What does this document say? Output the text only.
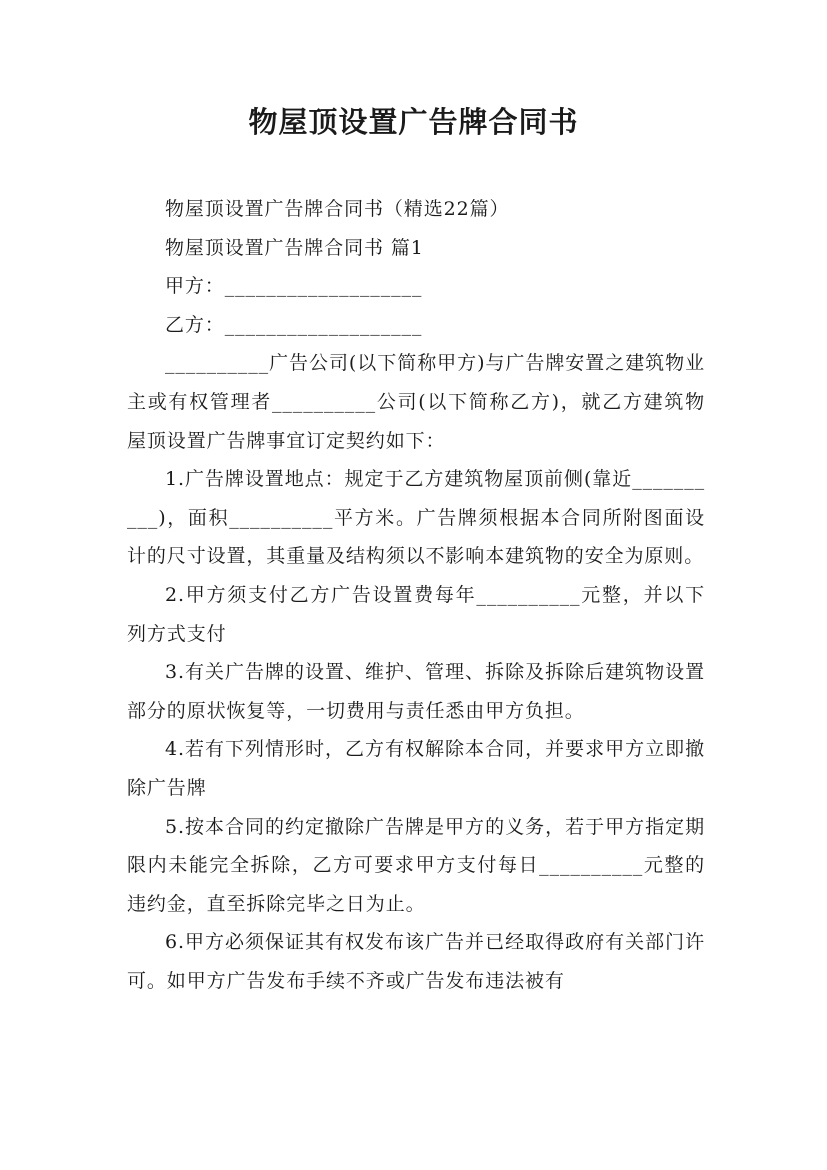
物屋顶设置广告牌合同书

物屋顶设置广告牌合同书（精选22篇）

物屋顶设置广告牌合同书 篇1

甲方：___________________

乙方：___________________

__________广告公司(以下简称甲方)与广告牌安置之建筑物业主或有权管理者__________公司(以下简称乙方)，就乙方建筑物屋顶设置广告牌事宜订定契约如下：

1.广告牌设置地点：规定于乙方建筑物屋顶前侧(靠近__________)，面积__________平方米。广告牌须根据本合同所附图面设计的尺寸设置，其重量及结构须以不影响本建筑物的安全为原则。

2.甲方须支付乙方广告设置费每年__________元整，并以下列方式支付

3.有关广告牌的设置、维护、管理、拆除及拆除后建筑物设置部分的原状恢复等，一切费用与责任悉由甲方负担。

4.若有下列情形时，乙方有权解除本合同，并要求甲方立即撤除广告牌

5.按本合同的约定撤除广告牌是甲方的义务，若于甲方指定期限内未能完全拆除，乙方可要求甲方支付每日__________元整的违约金，直至拆除完毕之日为止。

6.甲方必须保证其有权发布该广告并已经取得政府有关部门许可。如甲方广告发布手续不齐或广告发布违法被有
